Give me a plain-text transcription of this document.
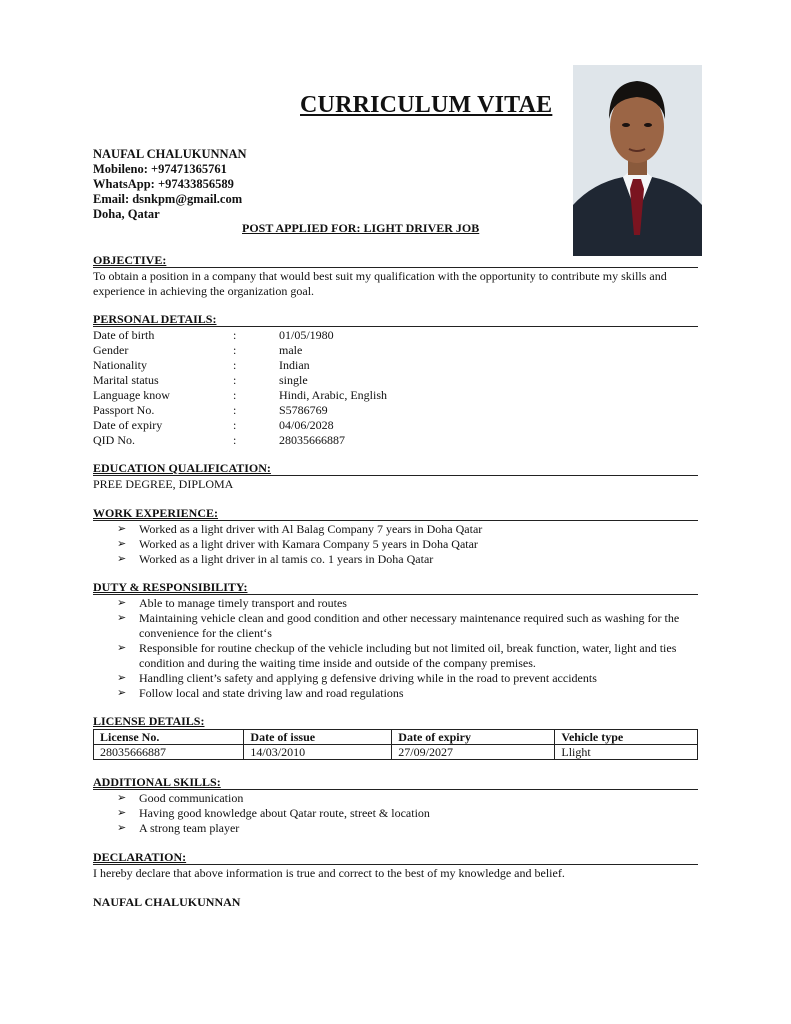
CURRICULUM VITAE
NAUFAL CHALUKUNNAN
Mobileno: +97471365761
WhatsApp: +97433856589
Email: dsnkpm@gmail.com
Doha, Qatar
POST APPLIED FOR: LIGHT DRIVER JOB
OBJECTIVE:
To obtain a position in a company that would best suit my qualification with the opportunity to contribute my skills and experience in achieving the organization goal.
PERSONAL DETAILS:
Date of birth	:	01/05/1980
Gender	:	male
Nationality	:	Indian
Marital status	:	single
Language know	:	Hindi, Arabic, English
Passport No.	:	S5786769
Date of expiry	:	04/06/2028
QID No.	:	28035666887
EDUCATION QUALIFICATION:
PREE DEGREE, DIPLOMA
WORK EXPERIENCE:
➢ Worked as a light driver with Al Balag Company 7 years in Doha Qatar
➢ Worked as a light driver with Kamara Company 5 years in Doha Qatar
➢ Worked as a light driver in al tamis co. 1 years in Doha Qatar
DUTY & RESPONSIBILITY:
➢ Able to manage timely transport and routes
➢ Maintaining vehicle clean and good condition and other necessary maintenance required such as washing for the convenience for the client‘s
➢ Responsible for routine checkup of the vehicle including but not limited oil, break function, water, light and ties condition and during the waiting time inside and outside of the company premises.
➢ Handling client’s safety and applying g defensive driving while in the road to prevent accidents
➢ Follow local and state driving law and road regulations
LICENSE DETAILS:
License No.	Date of issue	Date of expiry	Vehicle type
28035666887	14/03/2010	27/09/2027	Llight
ADDITIONAL SKILLS:
➢ Good communication
➢ Having good knowledge about Qatar route, street & location
➢ A strong team player
DECLARATION:
I hereby declare that above information is true and correct to the best of my knowledge and belief.
NAUFAL CHALUKUNNAN
